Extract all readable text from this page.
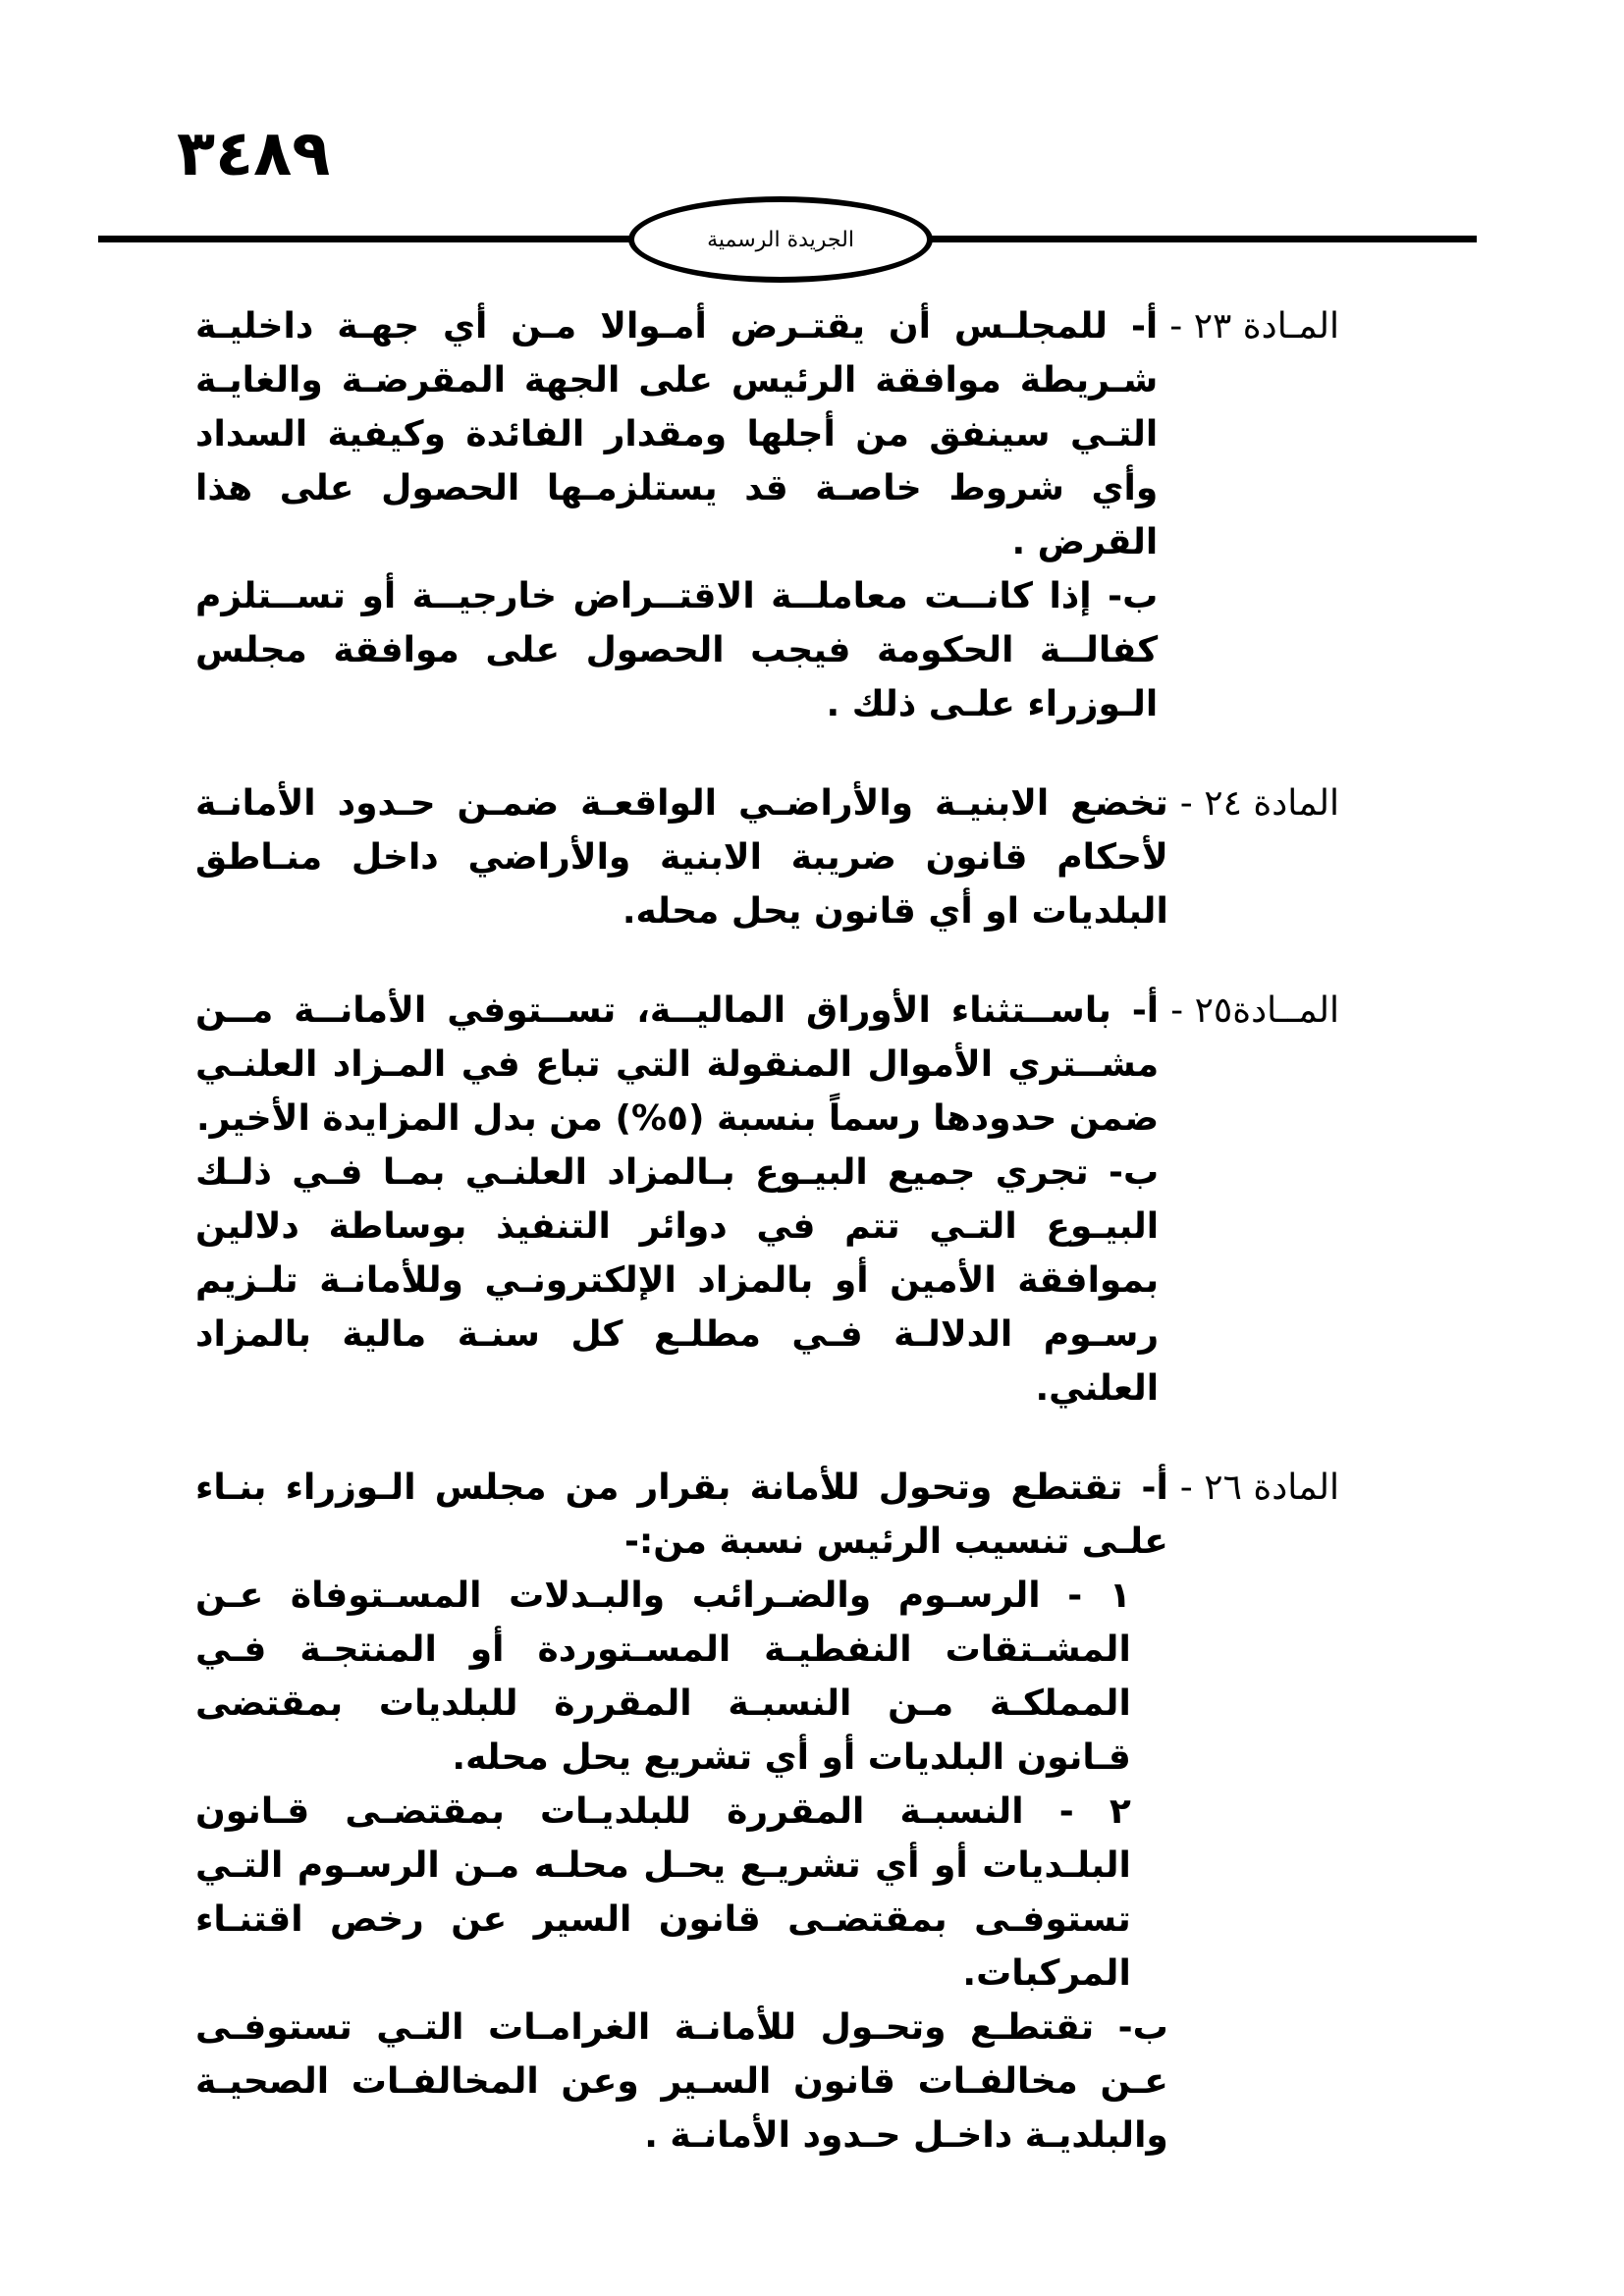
٣٤٨٩
الجريدة الرسمية
المـادة ٢٣ -
أ- للمجلـس أن يقتـرض أمـوالا مـن أي جهـة داخليـة شـريطة موافقة الرئيس على الجهة المقرضـة والغايـة التـي سينفق من أجلها ومقدار الفائدة وكيفية السداد وأي شروط خاصـة قد يستلزمـها الحصول على هذا القرض .
ب- إذا كانــت معاملــة الاقتــراض خارجيــة أو تســتلزم كفالــة الحكومة فيجب الحصول على موافقة مجلس الـوزراء علـى ذلك .
المادة ٢٤ -
تخضع الابنيـة والأراضـي الواقعـة ضمـن حـدود الأمانـة لأحكام قانون ضريبة الابنية والأراضي داخل منـاطق البلديات او أي قانون يحل محله.
المــادة٢٥ -
أ- باســتثناء الأوراق الماليــة، تســتوفي الأمانــة مــن مشــتري الأموال المنقولة التي تباع في المـزاد العلنـي ضمن حدودها رسماً بنسبة (٥%) من بدل المزايدة الأخير.
ب- تجري جميع البيـوع بـالمزاد العلنـي بمـا فـي ذلـك البيـوع التـي تتم في دوائر التنفيذ بوساطة دلالين بموافقة الأمين أو بالمزاد الإلكترونـي وللأمانـة تلـزيم رسـوم الدلالـة فـي مطلـع كل سنـة مالية بالمزاد العلني.
المادة ٢٦ -
أ- تقتطع وتحول للأمانة بقرار من مجلس الـوزراء بنـاء علـى تنسيب الرئيس نسبة من:-
١ - الرسـوم والضـرائب والبـدلات المسـتوفاة عـن المشـتقات النفطيـة المسـتوردة أو المنتجـة فـي المملكـة مـن النسبـة المقررة للبلديات بمقتضى قـانون البلديات أو أي تشريع يحل محله.
٢ - النسبـة المقررة للبلديـات بمقتضـى قـانون البلـديات أو أي تشريـع يحـل محلـه مـن الرسـوم التـي تستوفـى بمقتضـى قانون السير عن رخص اقتنـاء المركبات.
ب- تقتطـع وتحـول للأمانـة الغرامـات التـي تستوفـى عـن مخالفـات قانون السـير وعن المخالفـات الصحيـة والبلديـة داخـل حـدود الأمانـة .
